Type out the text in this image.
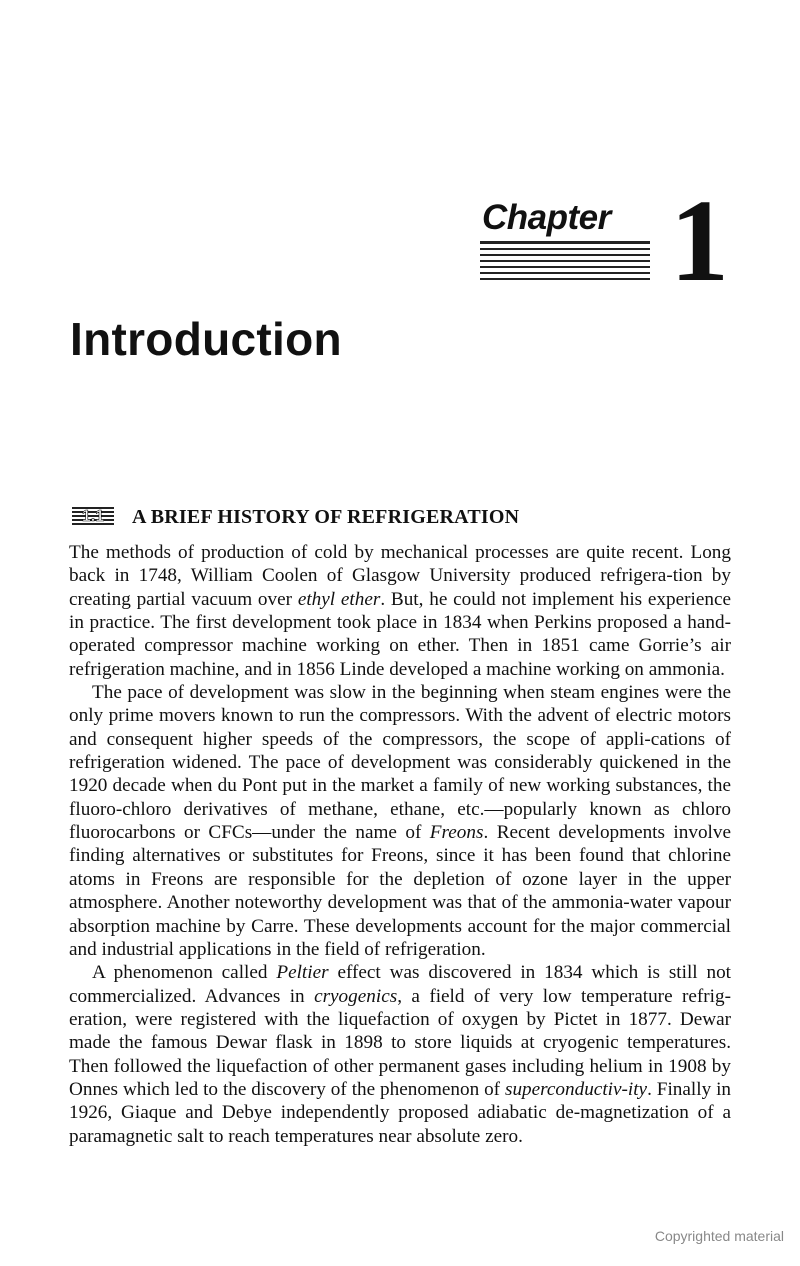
Chapter 1
Introduction
1.1	A BRIEF HISTORY OF REFRIGERATION

The methods of production of cold by mechanical processes are quite recent. Long back in 1748, William Coolen of Glasgow University produced refrigera-tion by creating partial vacuum over ethyl ether. But, he could not implement his experience in practice. The first development took place in 1834 when Perkins proposed a hand-operated compressor machine working on ether. Then in 1851 came Gorrie’s air refrigeration machine, and in 1856 Linde developed a machine working on ammonia.

The pace of development was slow in the beginning when steam engines were the only prime movers known to run the compressors. With the advent of electric motors and consequent higher speeds of the compressors, the scope of appli-cations of refrigeration widened. The pace of development was considerably quickened in the 1920 decade when du Pont put in the market a family of new working substances, the fluoro-chloro derivatives of methane, ethane, etc.—popularly known as chloro fluorocarbons or CFCs—under the name of Freons. Recent developments involve finding alternatives or substitutes for Freons, since it has been found that chlorine atoms in Freons are responsible for the depletion of ozone layer in the upper atmosphere. Another noteworthy development was that of the ammonia-water vapour absorption machine by Carre. These developments account for the major commercial and industrial applications in the field of refrigeration.

A phenomenon called Peltier effect was discovered in 1834 which is still not commercialized. Advances in cryogenics, a field of very low temperature refrig-eration, were registered with the liquefaction of oxygen by Pictet in 1877. Dewar made the famous Dewar flask in 1898 to store liquids at cryogenic temperatures. Then followed the liquefaction of other permanent gases including helium in 1908 by Onnes which led to the discovery of the phenomenon of superconductiv-ity. Finally in 1926, Giaque and Debye independently proposed adiabatic de-magnetization of a paramagnetic salt to reach temperatures near absolute zero.

Copyrighted material
